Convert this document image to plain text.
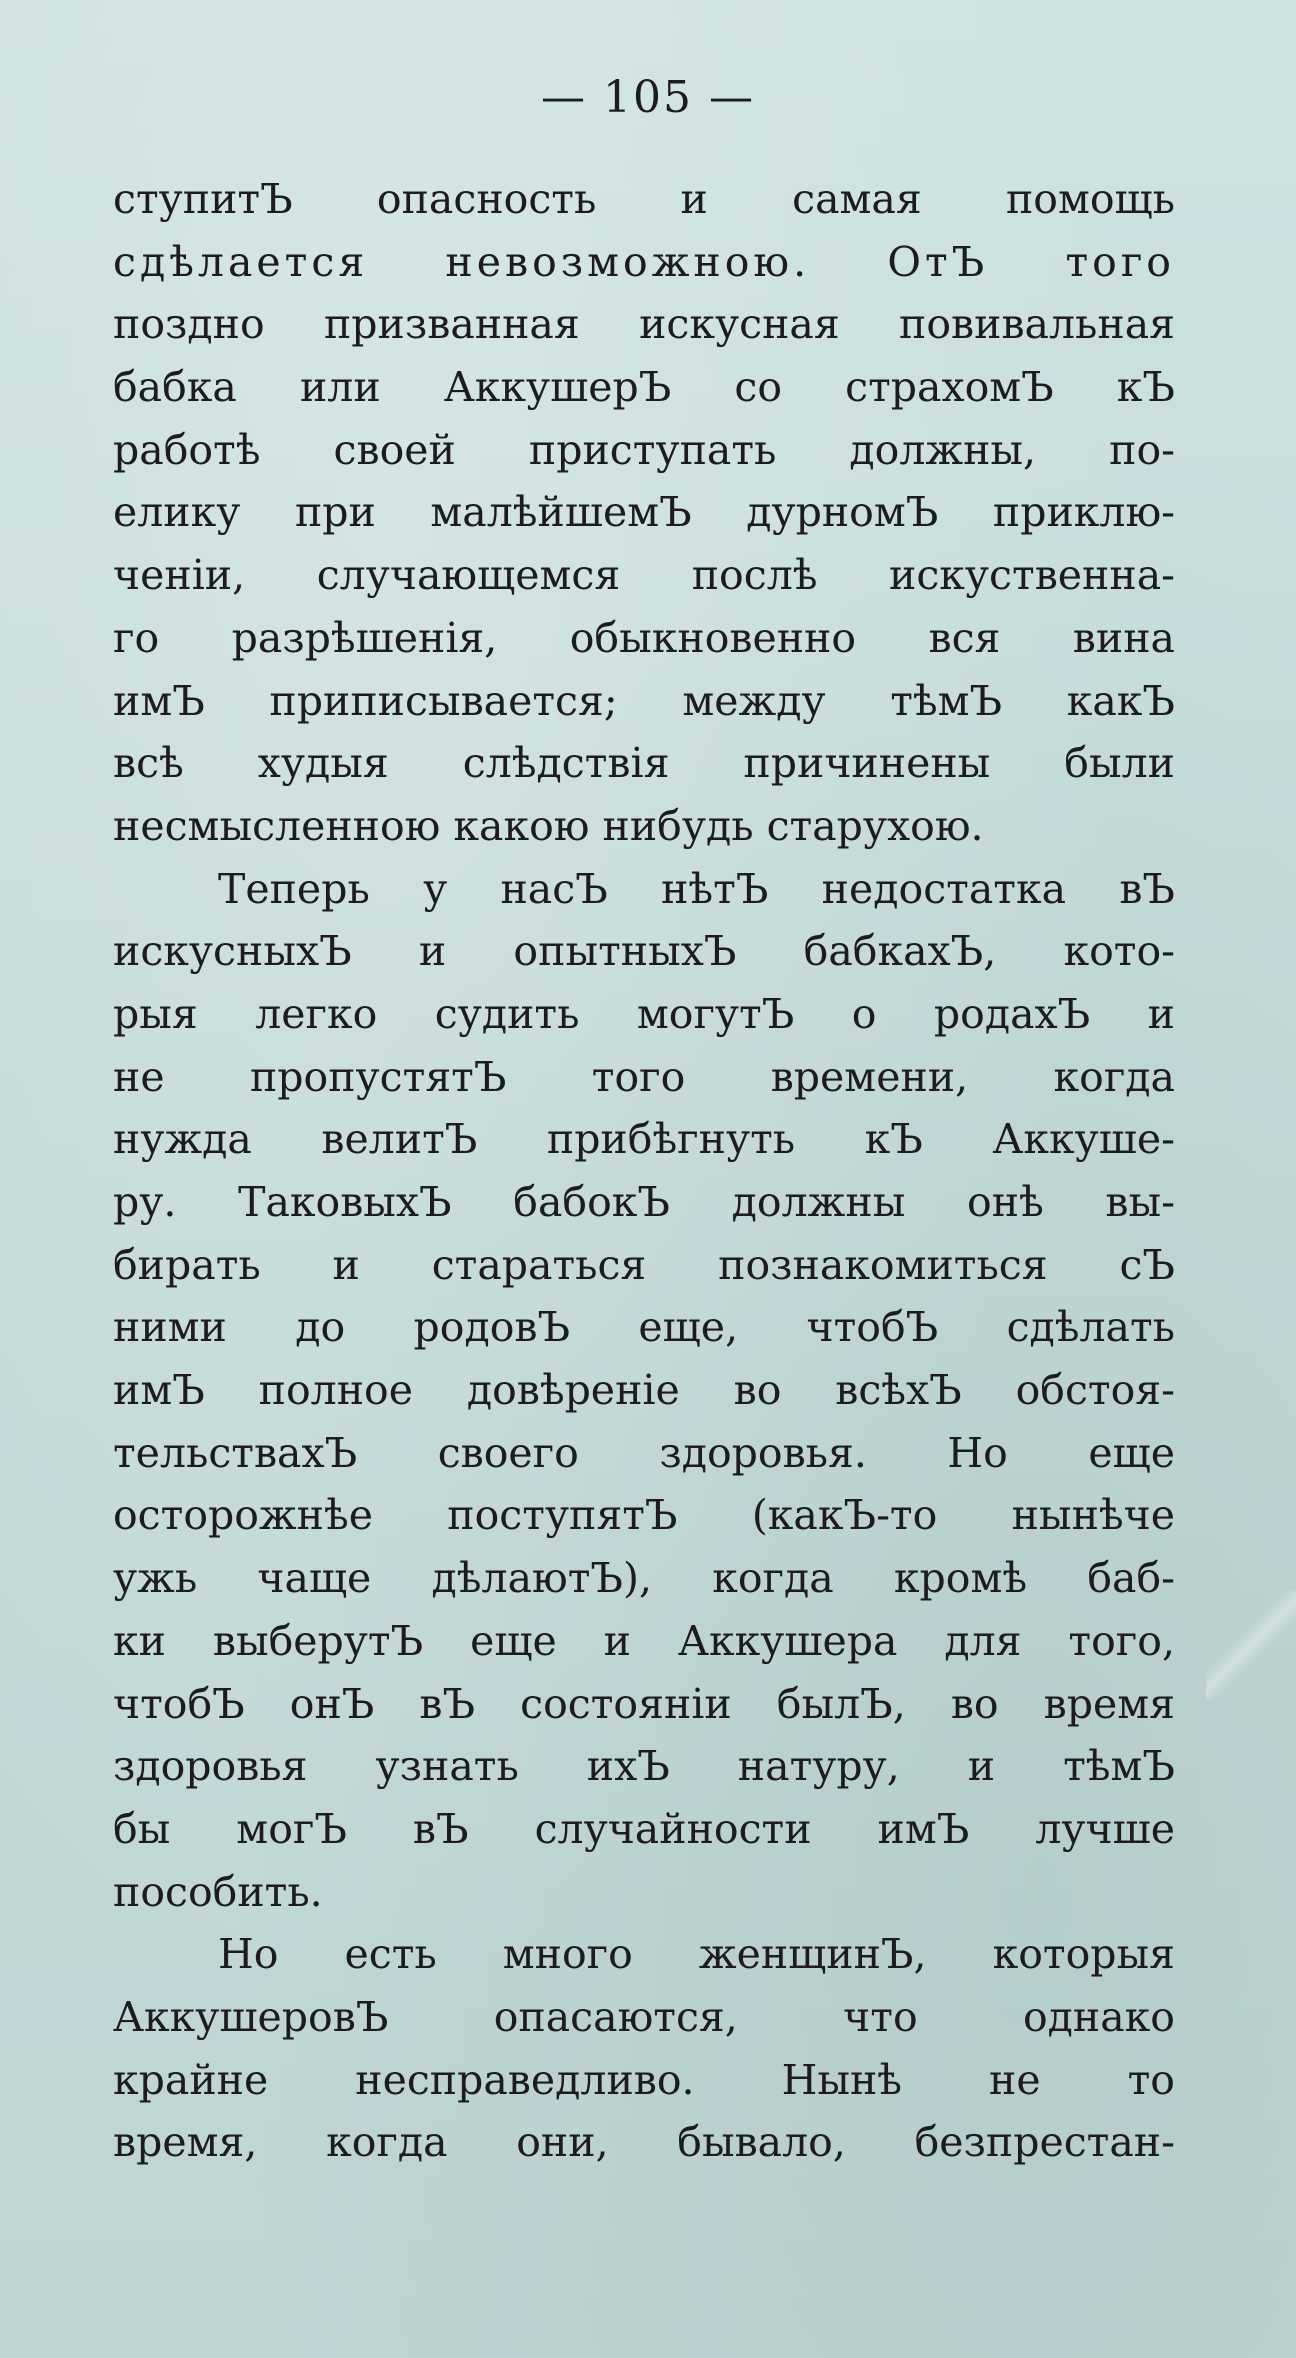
— 105 —
ступитЪ опасность и самая помощь
сдѣлается невозможною. ОтЪ того
поздно призванная искусная повивальная
бабка или АккушерЪ со страхомЪ кЪ
работѣ своей приступать должны, по-
елику при малѣйшемЪ дурномЪ приклю-
ченіи, случающемся послѣ искуственна-
го разрѣшенія, обыкновенно вся вина
имЪ приписывается; между тѣмЪ какЪ
всѣ худыя слѣдствія причинены были
несмысленною какою нибудь старухою.
Теперь у насЪ нѣтЪ недостатка вЪ
искусныхЪ и опытныхЪ бабкахЪ, кото-
рыя легко судить могутЪ о родахЪ и
не пропустятЪ того времени, когда
нужда велитЪ прибѣгнуть кЪ Аккуше-
ру. ТаковыхЪ бабокЪ должны онѣ вы-
бирать и стараться познакомиться сЪ
ними до родовЪ еще, чтобЪ сдѣлать
имЪ полное довѣреніе во всѣхЪ обстоя-
тельствахЪ своего здоровья. Но еще
осторожнѣе поступятЪ (какЪ-то нынѣче
ужь чаще дѣлаютЪ), когда кромѣ баб-
ки выберутЪ еще и Аккушера для того,
чтобЪ онЪ вЪ состояніи былЪ, во время
здоровья узнать ихЪ натуру, и тѣмЪ
бы могЪ вЪ случайности имЪ лучше
пособить.
Но есть много женщинЪ, которыя
АккушеровЪ опасаются, что однако
крайне несправедливо. Нынѣ не то
время, когда они, бывало, безпрестан-
